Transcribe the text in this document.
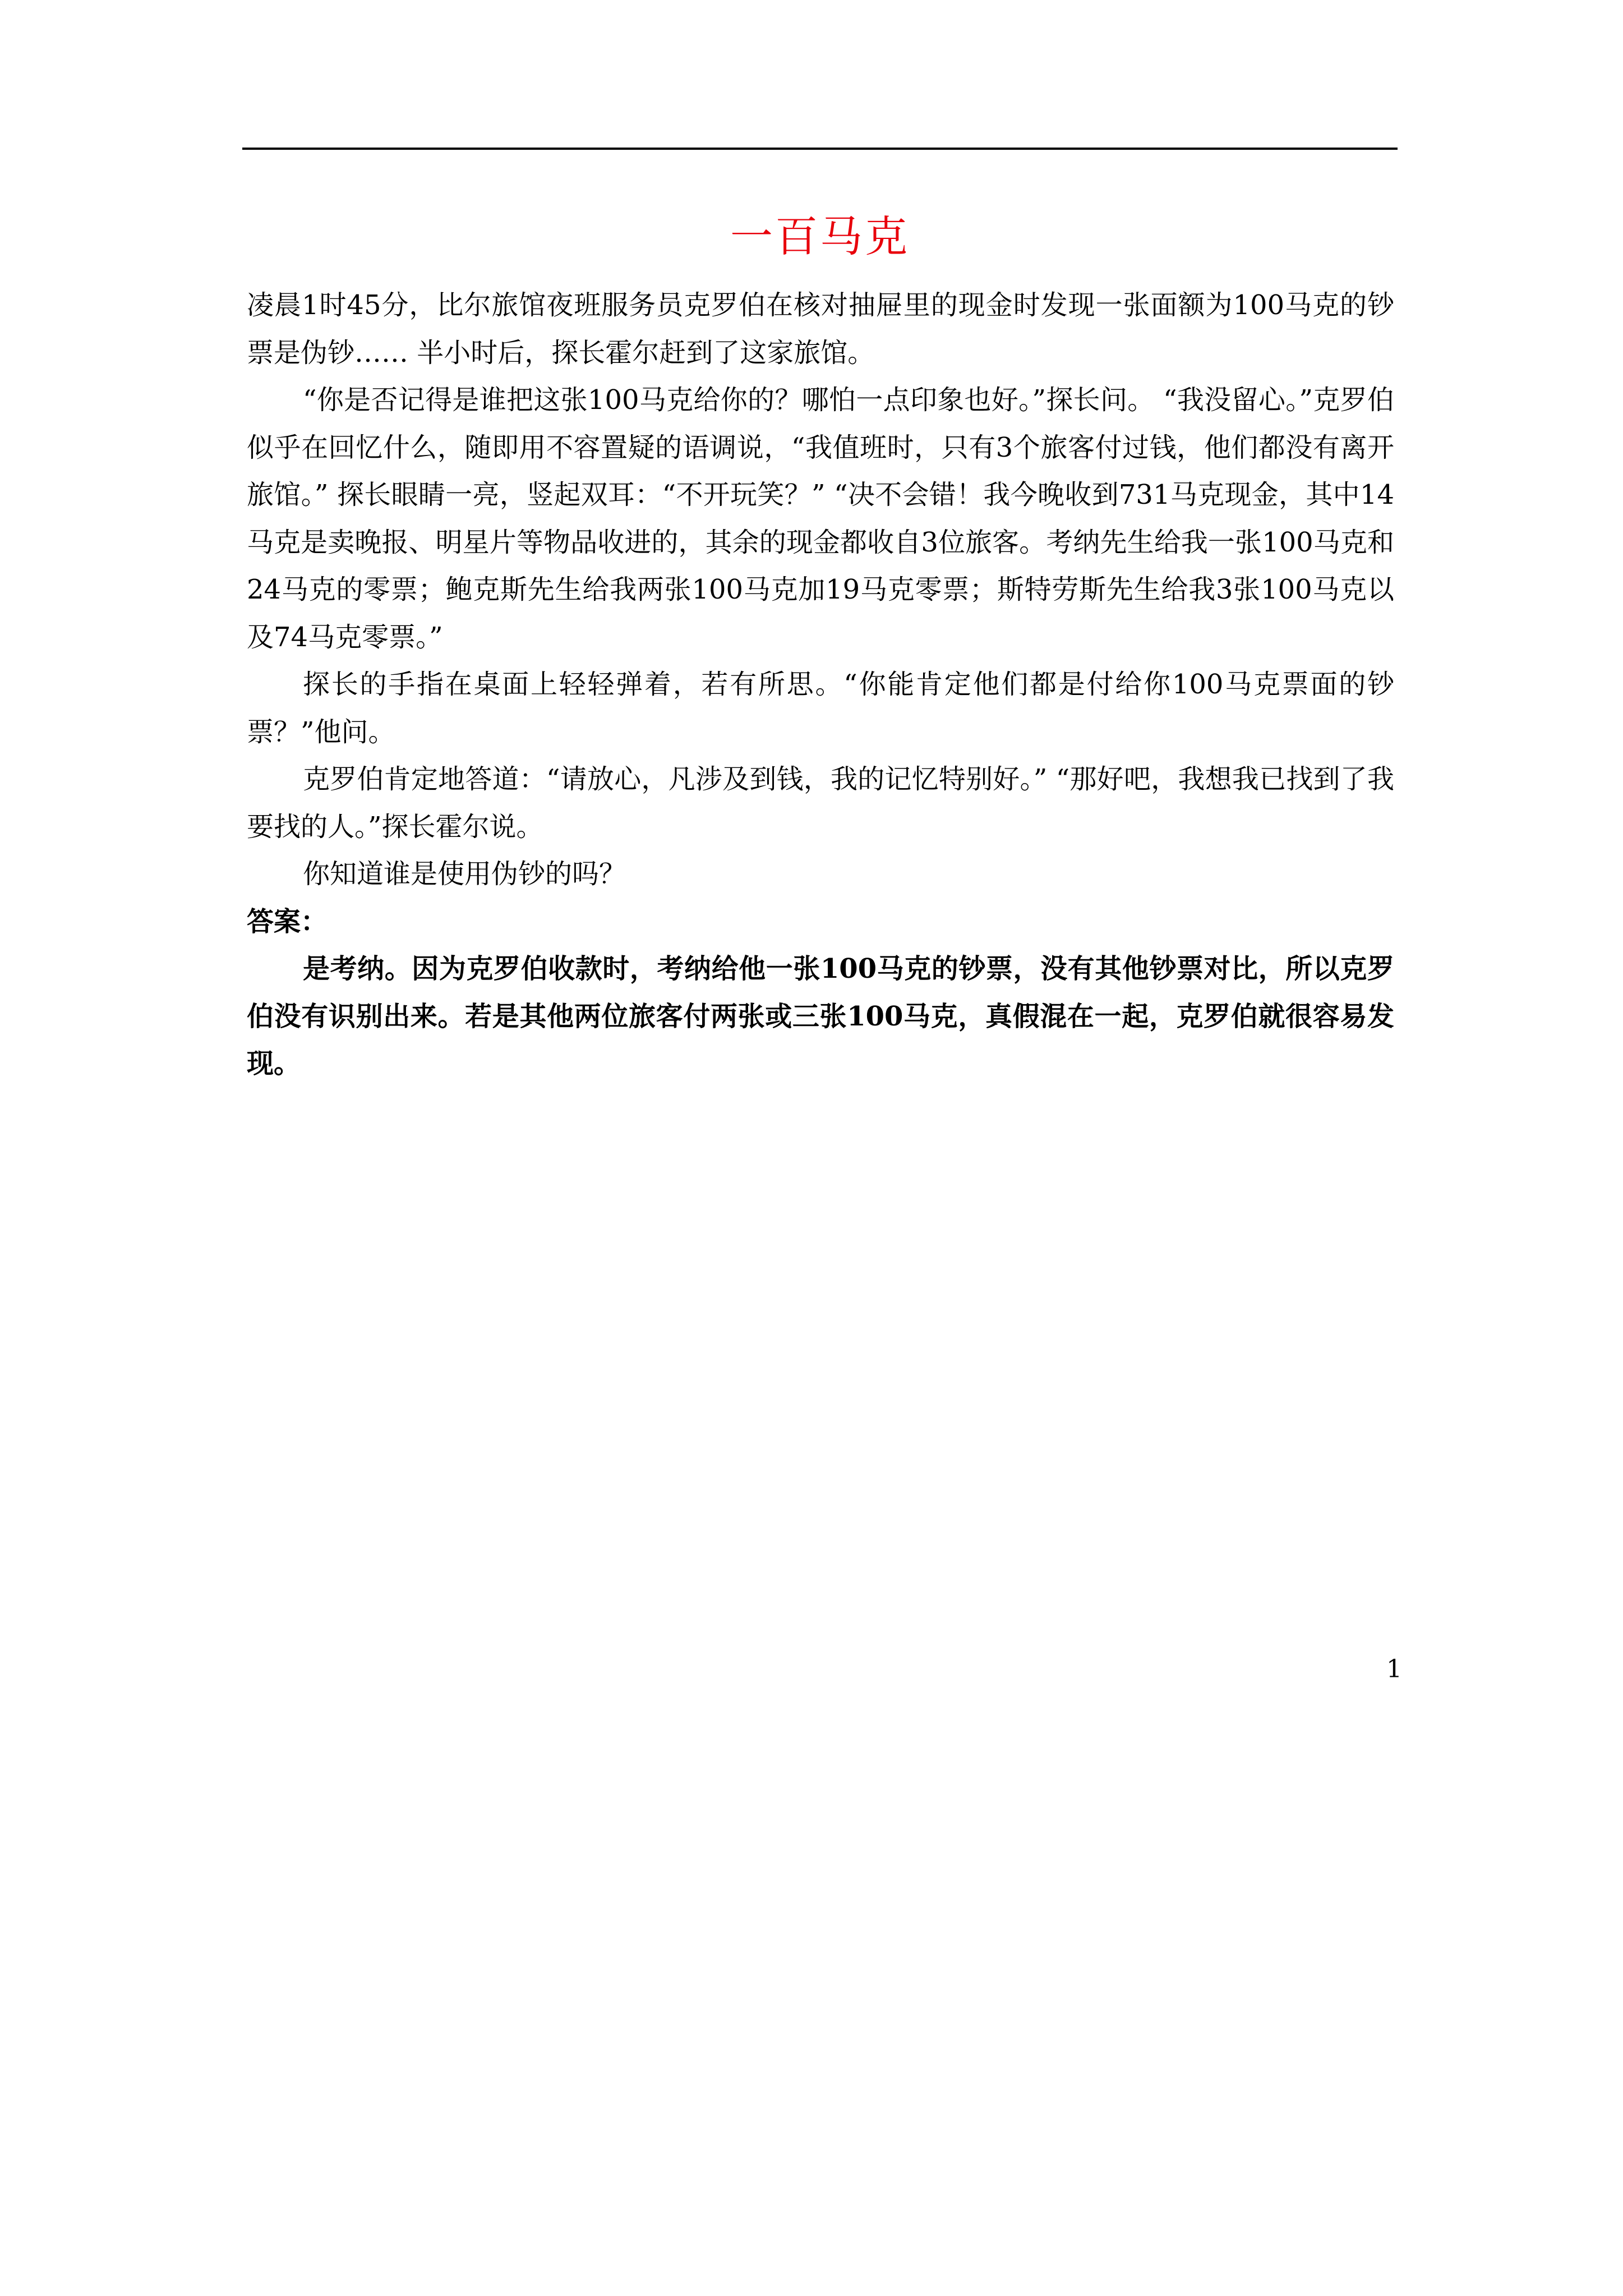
一百马克

凌晨1时45分，比尔旅馆夜班服务员克罗伯在核对抽屉里的现金时发现一张面额为100马克的钞票是伪钞…… 半小时后，探长霍尔赶到了这家旅馆。

“你是否记得是谁把这张100马克给你的？哪怕一点印象也好。”探长问。 “我没留心。”克罗伯似乎在回忆什么，随即用不容置疑的语调说，“我值班时，只有3个旅客付过钱，他们都没有离开旅馆。” 探长眼睛一亮，竖起双耳：“不开玩笑？” “决不会错！我今晚收到731马克现金，其中14马克是卖晚报、明星片等物品收进的，其余的现金都收自3位旅客。考纳先生给我一张100马克和24马克的零票；鲍克斯先生给我两张100马克加19马克零票；斯特劳斯先生给我3张100马克以及74马克零票。”

探长的手指在桌面上轻轻弹着，若有所思。“你能肯定他们都是付给你100马克票面的钞票？”他问。

克罗伯肯定地答道：“请放心，凡涉及到钱，我的记忆特别好。” “那好吧，我想我已找到了我要找的人。”探长霍尔说。

你知道谁是使用伪钞的吗？

答案：

是考纳。因为克罗伯收款时，考纳给他一张100马克的钞票，没有其他钞票对比，所以克罗伯没有识别出来。若是其他两位旅客付两张或三张100马克，真假混在一起，克罗伯就很容易发现。

1
